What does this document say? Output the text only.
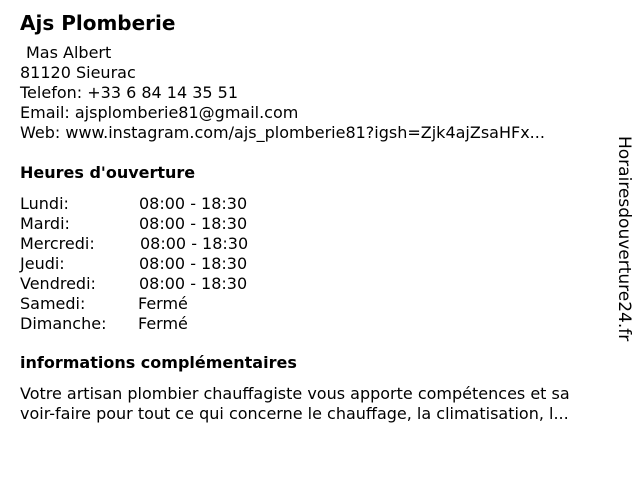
Ajs Plomberie
Mas Albert
81120 Sieurac
Telefon: +33 6 84 14 35 51
Email: ajsplomberie81@gmail.com
Web: www.instagram.com/ajs_plomberie81?igsh=Zjk4ajZsaHFx...
Heures d'ouverture
Lundi:	08:00 - 18:30
Mardi:	08:00 - 18:30
Mercredi:	08:00 - 18:30
Jeudi:	08:00 - 18:30
Vendredi:	08:00 - 18:30
Samedi:	Fermé
Dimanche: Fermé
informations complémentaires
Votre artisan plombier chauffagiste vous apporte compétences et sa
voir-faire pour tout ce qui concerne le chauffage, la climatisation, l...
Horairesdouverture24.fr
